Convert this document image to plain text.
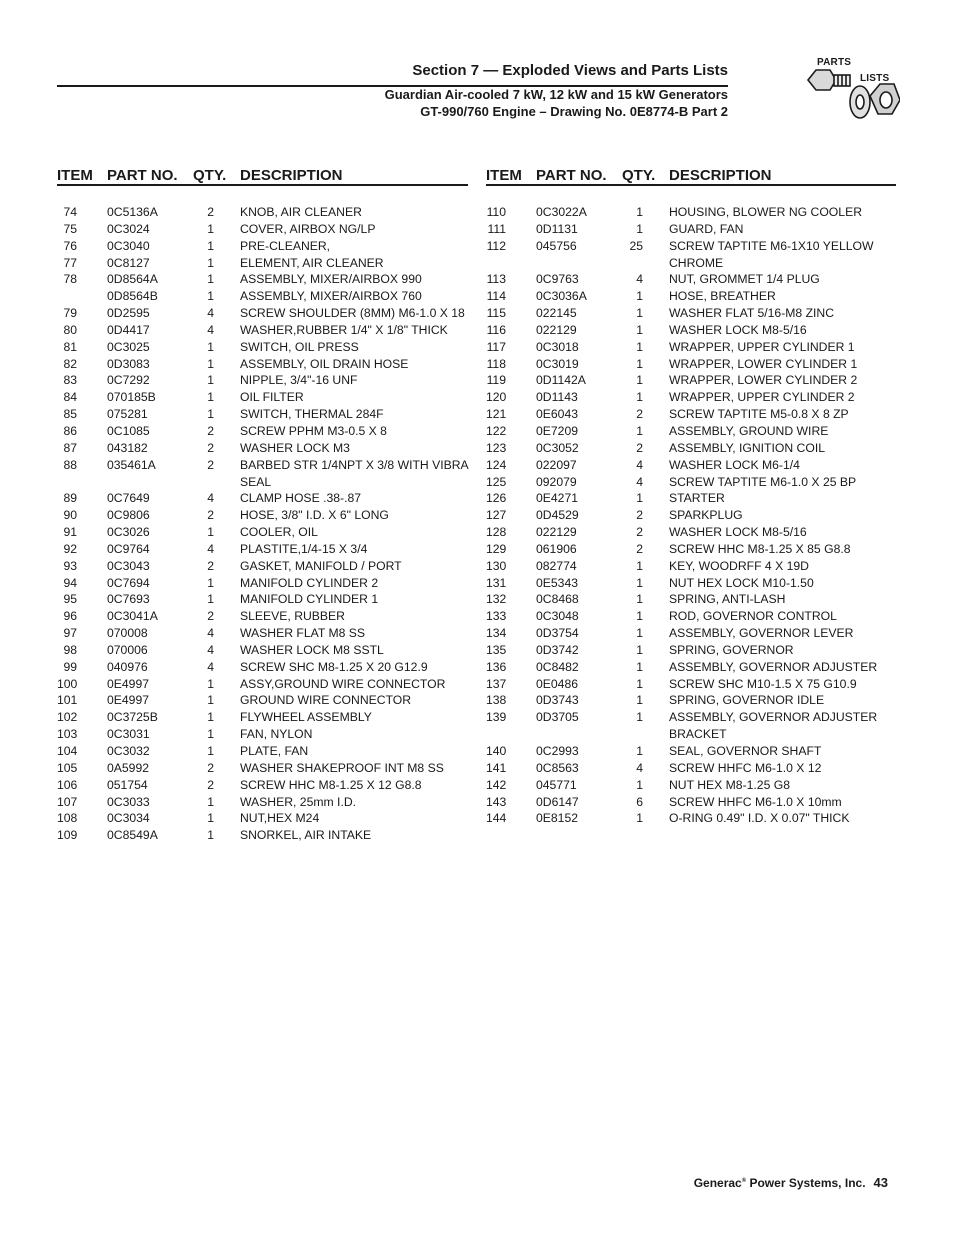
Section 7 — Exploded Views and Parts Lists
Guardian Air-cooled 7 kW, 12 kW and 15 kW Generators
GT-990/760 Engine – Drawing No. 0E8774-B Part 2
PARTS
LISTS
ITEM PART NO. QTY. DESCRIPTION	ITEM PART NO. QTY. DESCRIPTION
74 0C5136A	2 KNOB, AIR CLEANER
75 0C3024	1 COVER, AIRBOX NG/LP
76 0C3040	1 PRE-CLEANER,
77 0C8127	1 ELEMENT, AIR CLEANER
78 0D8564A	1 ASSEMBLY, MIXER/AIRBOX 990
0D8564B	1 ASSEMBLY, MIXER/AIRBOX 760
79 0D2595	4 SCREW SHOULDER (8MM) M6-1.0 X 18
80 0D4417	4 WASHER,RUBBER 1/4" X 1/8" THICK
81 0C3025	1 SWITCH, OIL PRESS
82 0D3083	1 ASSEMBLY, OIL DRAIN HOSE
83 0C7292	1 NIPPLE, 3/4"-16 UNF
84 070185B	1 OIL FILTER
85 075281	1 SWITCH, THERMAL 284F
86 0C1085	2 SCREW PPHM M3-0.5 X 8
87 043182	2 WASHER LOCK M3
88 035461A	2 BARBED STR 1/4NPT X 3/8 WITH VIBRA
SEAL
89 0C7649	4 CLAMP HOSE .38-.87
90 0C9806	2 HOSE, 3/8" I.D. X 6" LONG
91 0C3026	1 COOLER, OIL
92 0C9764	4 PLASTITE,1/4-15 X 3/4
93 0C3043	2 GASKET, MANIFOLD / PORT
94 0C7694	1 MANIFOLD CYLINDER 2
95 0C7693	1 MANIFOLD CYLINDER 1
96 0C3041A	2 SLEEVE, RUBBER
97 070008	4 WASHER FLAT M8 SS
98 070006	4 WASHER LOCK M8 SSTL
99 040976	4 SCREW SHC M8-1.25 X 20 G12.9
100 0E4997	1 ASSY,GROUND WIRE CONNECTOR
101 0E4997	1 GROUND WIRE CONNECTOR
102 0C3725B	1 FLYWHEEL ASSEMBLY
103 0C3031	1 FAN, NYLON
104 0C3032	1 PLATE, FAN
105 0A5992	2 WASHER SHAKEPROOF INT M8 SS
106 051754	2 SCREW HHC M8-1.25 X 12 G8.8
107 0C3033	1 WASHER, 25mm I.D.
108 0C3034	1 NUT,HEX M24
109 0C8549A	1 SNORKEL, AIR INTAKE
110 0C3022A	1 HOUSING, BLOWER NG COOLER
111 0D1131	1 GUARD, FAN
112 045756	25 SCREW TAPTITE M6-1X10 YELLOW
CHROME
113 0C9763	4 NUT, GROMMET 1/4 PLUG
114 0C3036A	1 HOSE, BREATHER
115 022145	1 WASHER FLAT 5/16-M8 ZINC
116 022129	1 WASHER LOCK M8-5/16
117 0C3018	1 WRAPPER, UPPER CYLINDER 1
118 0C3019	1 WRAPPER, LOWER CYLINDER 1
119 0D1142A	1 WRAPPER, LOWER CYLINDER 2
120 0D1143	1 WRAPPER, UPPER CYLINDER 2
121 0E6043	2 SCREW TAPTITE M5-0.8 X 8 ZP
122 0E7209	1 ASSEMBLY, GROUND WIRE
123 0C3052	2 ASSEMBLY, IGNITION COIL
124 022097	4 WASHER LOCK M6-1/4
125 092079	4 SCREW TAPTITE M6-1.0 X 25 BP
126 0E4271	1 STARTER
127 0D4529	2 SPARKPLUG
128 022129	2 WASHER LOCK M8-5/16
129 061906	2 SCREW HHC M8-1.25 X 85 G8.8
130 082774	1 KEY, WOODRFF 4 X 19D
131 0E5343	1 NUT HEX LOCK M10-1.50
132 0C8468	1 SPRING, ANTI-LASH
133 0C3048	1 ROD, GOVERNOR CONTROL
134 0D3754	1 ASSEMBLY, GOVERNOR LEVER
135 0D3742	1 SPRING, GOVERNOR
136 0C8482	1 ASSEMBLY, GOVERNOR ADJUSTER
137 0E0486	1 SCREW SHC M10-1.5 X 75 G10.9
138 0D3743	1 SPRING, GOVERNOR IDLE
139 0D3705	1 ASSEMBLY, GOVERNOR ADJUSTER
BRACKET
140 0C2993	1 SEAL, GOVERNOR SHAFT
141 0C8563	4 SCREW HHFC M6-1.0 X 12
142 045771	1 NUT HEX M8-1.25 G8
143 0D6147	6 SCREW HHFC M6-1.0 X 10mm
144 0E8152	1 O-RING 0.49" I.D. X 0.07" THICK
Generac® Power Systems, Inc. 43
